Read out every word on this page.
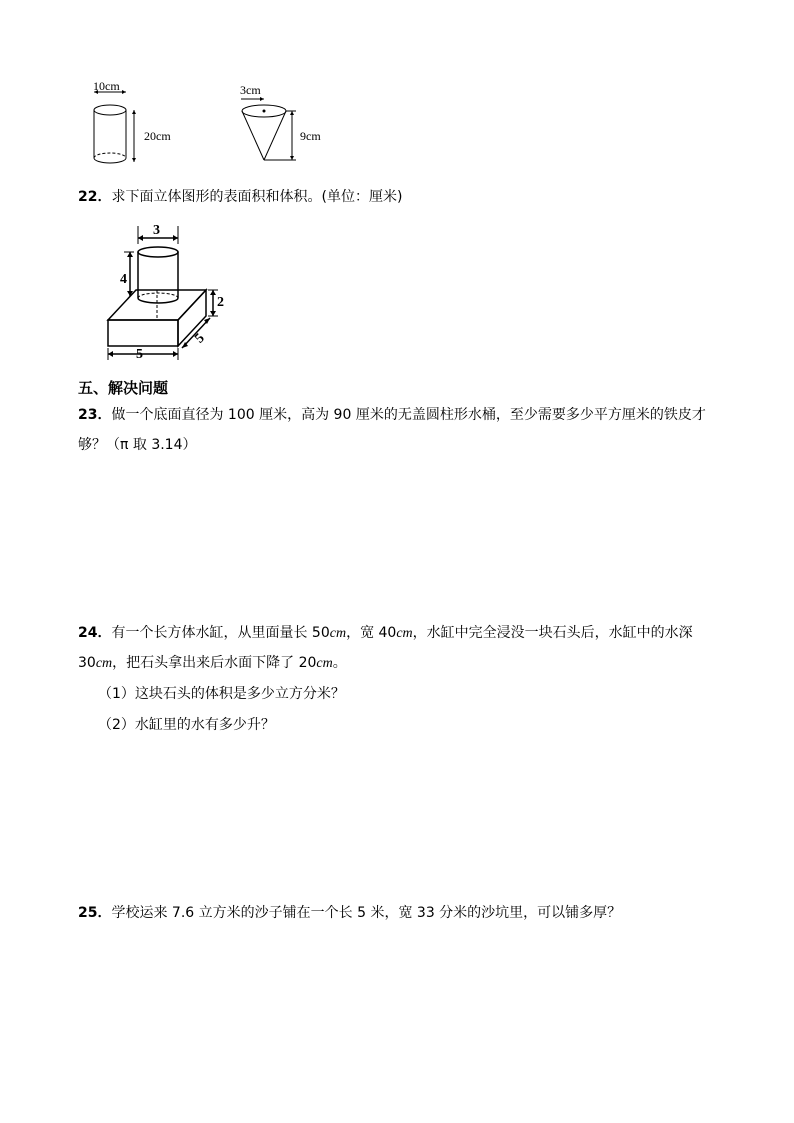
10cm
20cm
3cm
9cm
22．求下面立体图形的表面积和体积。(单位：厘米)
3
4
2
5
5
五、解决问题
23．做一个底面直径为 100 厘米，高为 90 厘米的无盖圆柱形水桶，至少需要多少平方厘米的铁皮才
够？（π 取 3.14）
24．有一个长方体水缸，从里面量长 50cm，宽 40cm，水缸中完全浸没一块石头后，水缸中的水深
30cm，把石头拿出来后水面下降了 20cm。
（1）这块石头的体积是多少立方分米？
（2）水缸里的水有多少升？
25．学校运来 7.6 立方米的沙子铺在一个长 5 米，宽 33 分米的沙坑里，可以铺多厚？
